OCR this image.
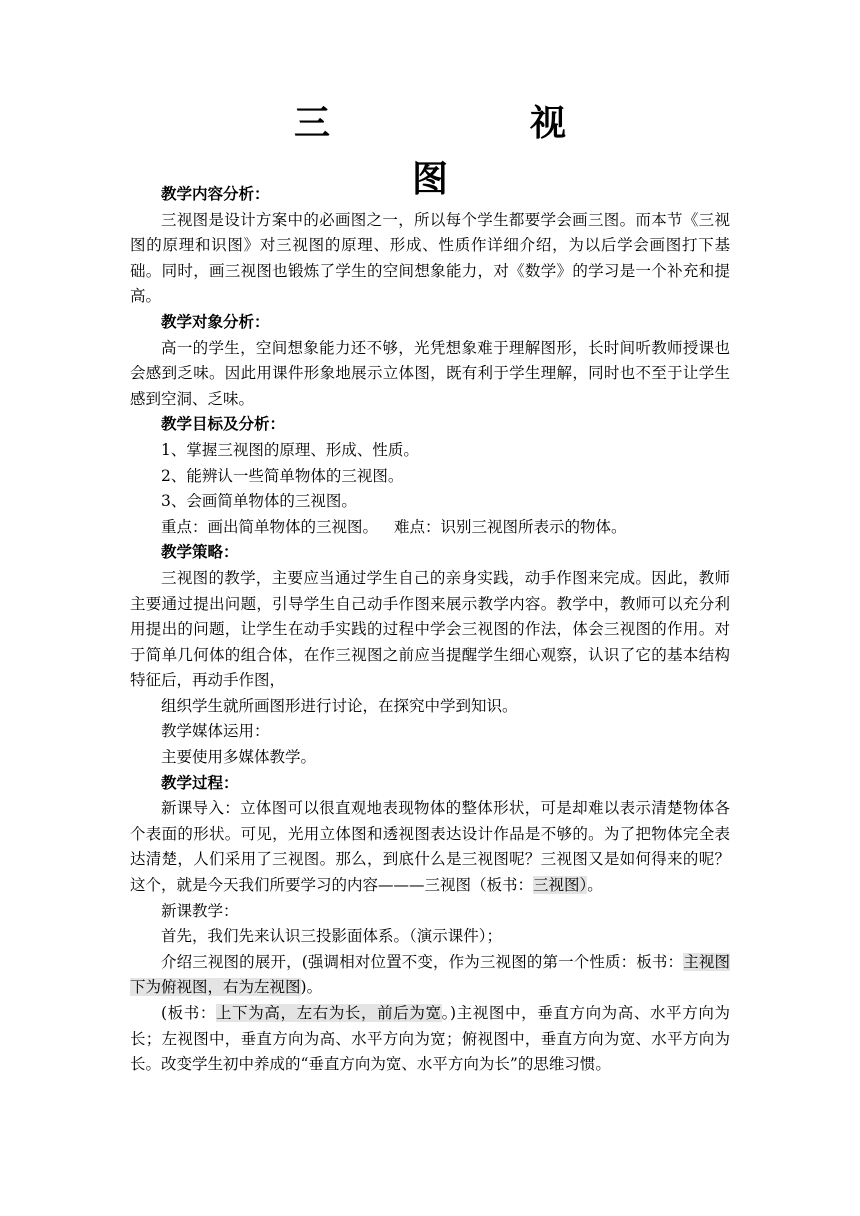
三　视　图

教学内容分析：

三视图是设计方案中的必画图之一，所以每个学生都要学会画三图。而本节《三视图的原理和识图》对三视图的原理、形成、性质作详细介绍，为以后学会画图打下基础。同时，画三视图也锻炼了学生的空间想象能力，对《数学》的学习是一个补充和提高。

教学对象分析：

高一的学生，空间想象能力还不够，光凭想象难于理解图形，长时间听教师授课也会感到乏味。因此用课件形象地展示立体图，既有利于学生理解，同时也不至于让学生感到空洞、乏味。

教学目标及分析：

1、掌握三视图的原理、形成、性质。

2、能辨认一些简单物体的三视图。

3、会画简单物体的三视图。

重点：画出简单物体的三视图。 难点：识别三视图所表示的物体。

教学策略：

三视图的教学，主要应当通过学生自己的亲身实践，动手作图来完成。因此，教师主要通过提出问题，引导学生自己动手作图来展示教学内容。教学中，教师可以充分利用提出的问题，让学生在动手实践的过程中学会三视图的作法，体会三视图的作用。对于简单几何体的组合体，在作三视图之前应当提醒学生细心观察，认识了它的基本结构特征后，再动手作图，

组织学生就所画图形进行讨论，在探究中学到知识。

教学媒体运用：

主要使用多媒体教学。

教学过程：

新课导入：立体图可以很直观地表现物体的整体形状，可是却难以表示清楚物体各个表面的形状。可见，光用立体图和透视图表达设计作品是不够的。为了把物体完全表达清楚，人们采用了三视图。那么，到底什么是三视图呢？三视图又是如何得来的呢？这个，就是今天我们所要学习的内容———三视图（板书：三视图）。

新课教学：

首先，我们先来认识三投影面体系。（演示课件）；

介绍三视图的展开，(强调相对位置不变，作为三视图的第一个性质：板书：主视图下为俯视图，右为左视图)。

(板书：上下为高，左右为长，前后为宽。)主视图中，垂直方向为高、水平方向为长；左视图中，垂直方向为高、水平方向为宽；俯视图中，垂直方向为宽、水平方向为长。改变学生初中养成的“垂直方向为宽、水平方向为长”的思维习惯。
